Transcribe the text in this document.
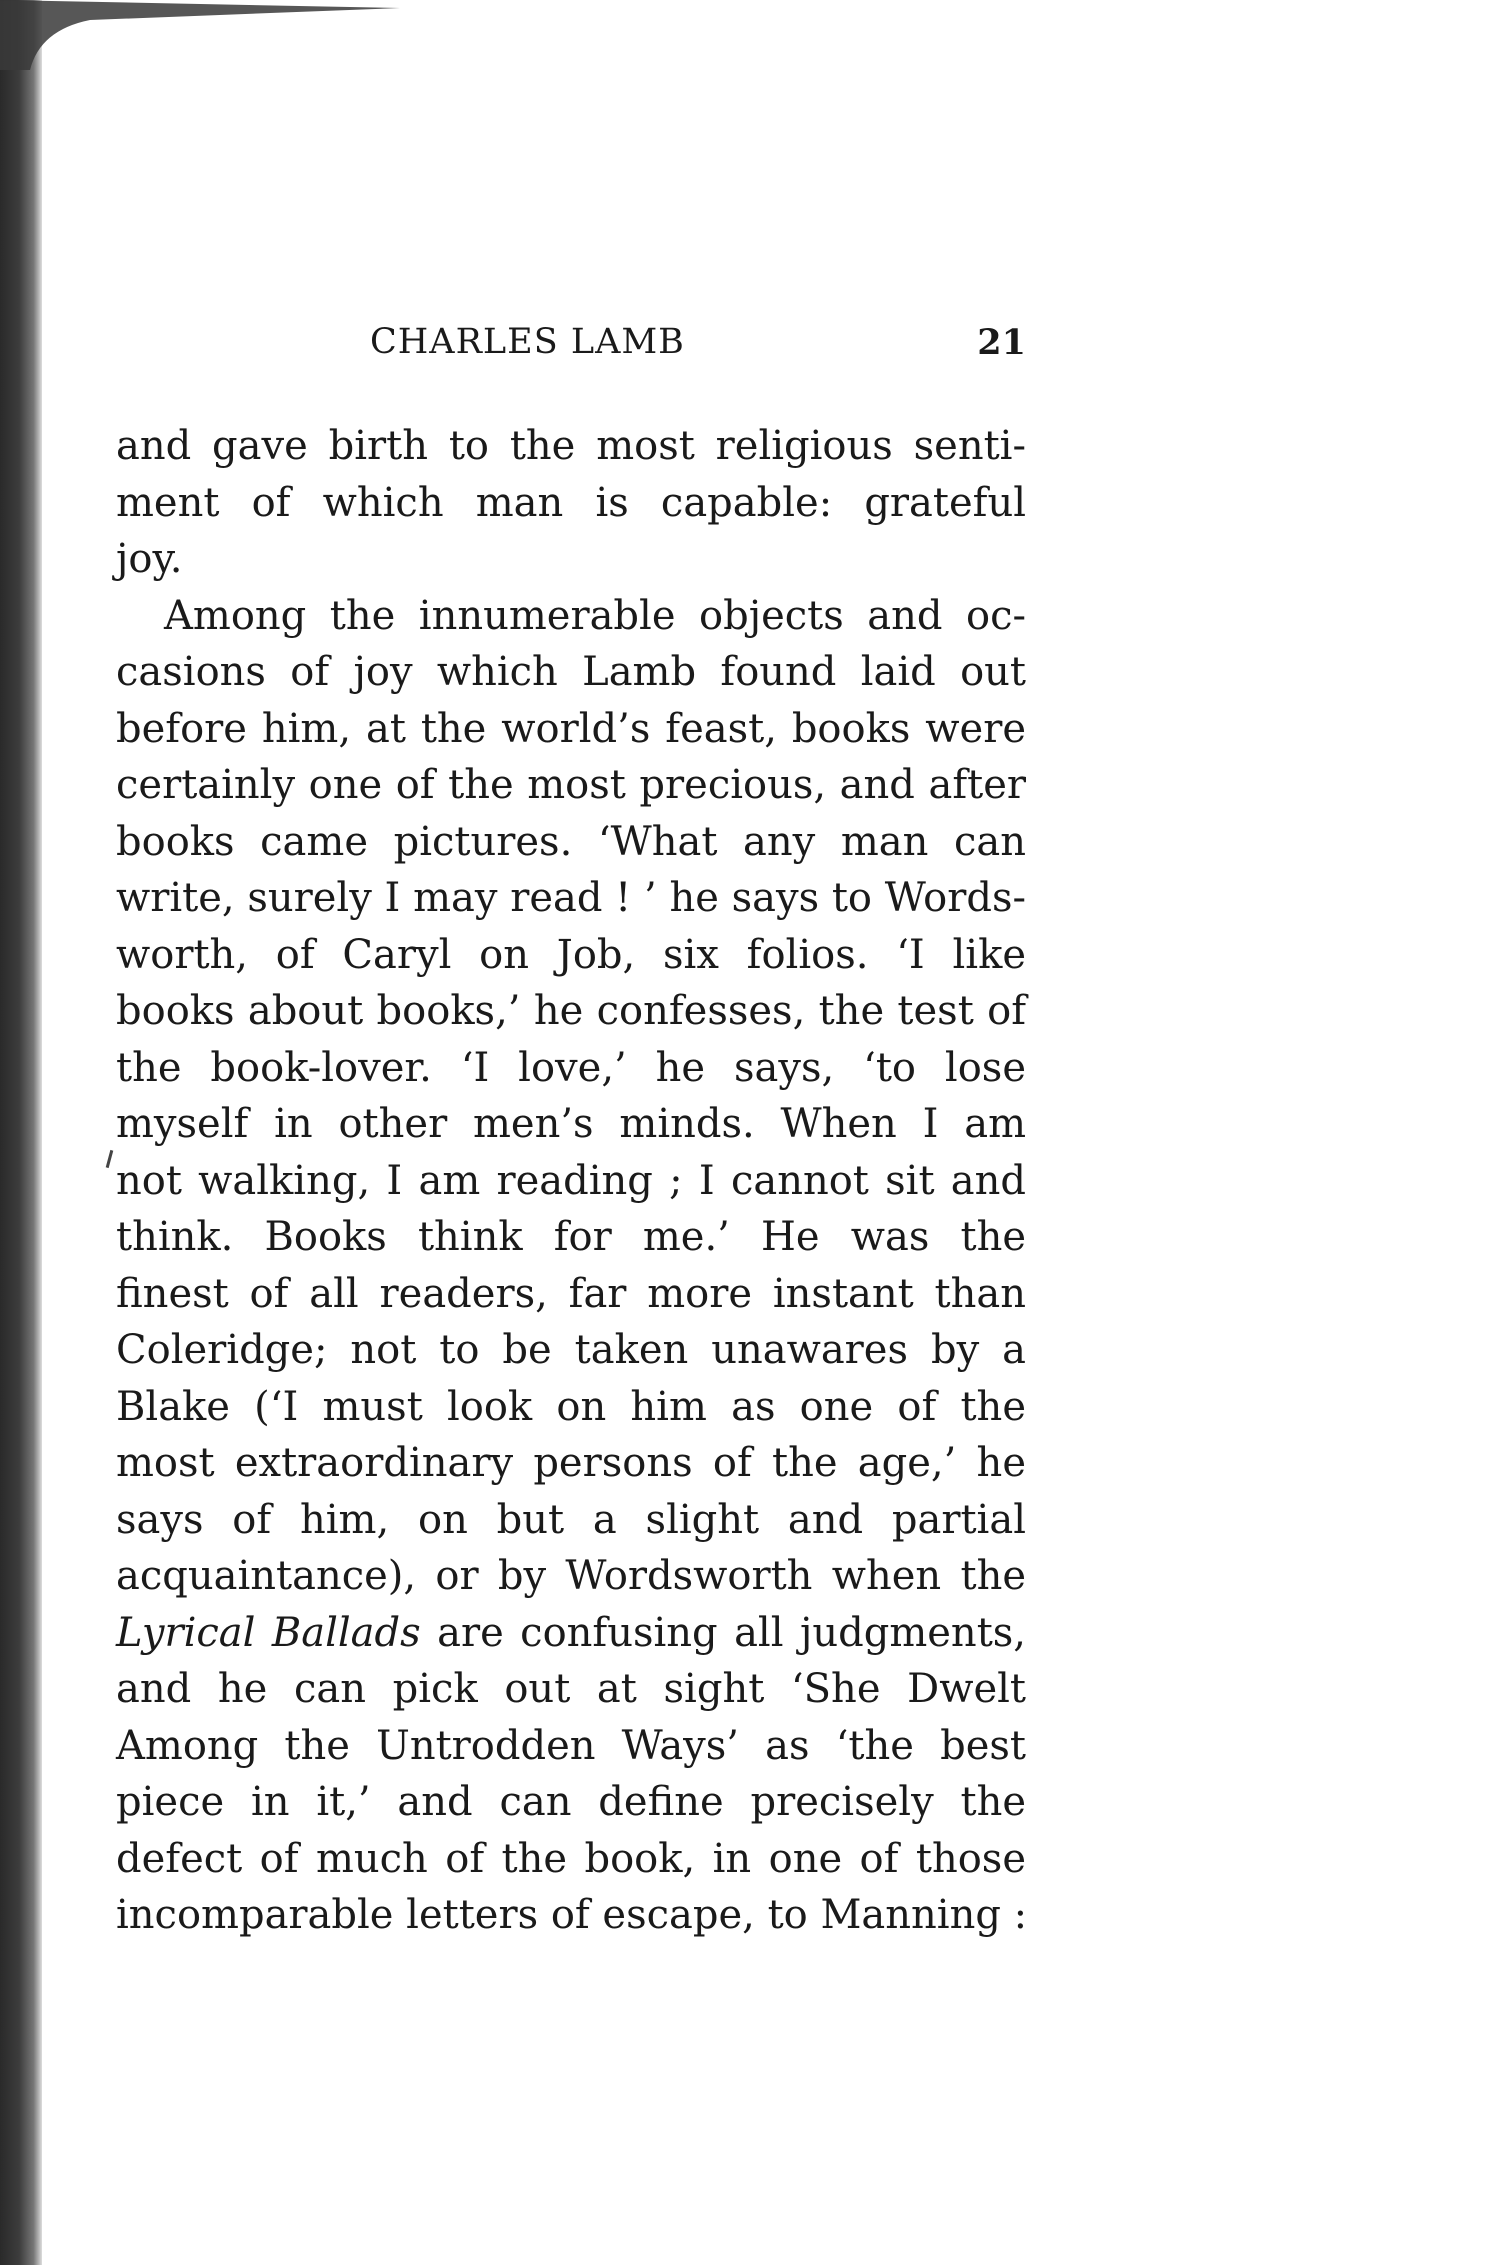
CHARLES LAMB	21
and gave birth to the most religious senti-
ment of which man is capable: grateful
joy.
Among the innumerable objects and oc-
casions of joy which Lamb found laid out
before him, at the world’s feast, books were
certainly one of the most precious, and after
books came pictures. ‘What any man can
write, surely I may read ! ’ he says to Words-
worth, of Caryl on Job, six folios. ‘I like
books about books,’ he confesses, the test of
the book-lover. ‘I love,’ he says, ‘to lose
myself in other men’s minds. When I am
not walking, I am reading ; I cannot sit and
think. Books think for me.’ He was the
finest of all readers, far more instant than
Coleridge; not to be taken unawares by a
Blake (‘I must look on him as one of the
most extraordinary persons of the age,’ he
says of him, on but a slight and partial
acquaintance), or by Wordsworth when the
Lyrical Ballads are confusing all judgments,
and he can pick out at sight ‘She Dwelt
Among the Untrodden Ways’ as ‘the best
piece in it,’ and can define precisely the
defect of much of the book, in one of those
incomparable letters of escape, to Manning :
